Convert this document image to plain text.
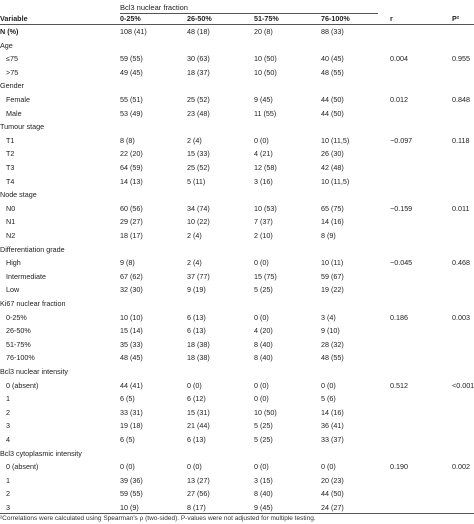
Bcl3 nuclear fraction
Variable	0-25%	26-50%	51-75%	76-100%	r	P²
N (%)	108 (41)	48 (18)	20 (8)	88 (33)
Age
≤75	59 (55)	30 (63)	10 (50)	40 (45)	0.004	0.955
>75	49 (45)	18 (37)	10 (50)	48 (55)
Gender
Female	55 (51)	25 (52)	9 (45)	44 (50)	0.012	0.848
Male	53 (49)	23 (48)	11 (55)	44 (50)
Tumour stage
T1	8 (8)	2 (4)	0 (0)	10 (11,5)	−0.097	0.118
T2	22 (20)	15 (33)	4 (21)	26 (30)
T3	64 (59)	25 (52)	12 (58)	42 (48)
T4	14 (13)	5 (11)	3 (16)	10 (11,5)
Node stage
N0	60 (56)	34 (74)	10 (53)	65 (75)	−0.159	0.011
N1	29 (27)	10 (22)	7 (37)	14 (16)
N2	18 (17)	2 (4)	2 (10)	8 (9)
Differentiation grade
High	9 (8)	2 (4)	0 (0)	10 (11)	−0.045	0.468
Intermediate	67 (62)	37 (77)	15 (75)	59 (67)
Low	32 (30)	9 (19)	5 (25)	19 (22)
Ki67 nuclear fraction
0-25%	10 (10)	6 (13)	0 (0)	3 (4)	0.186	0.003
26-50%	15 (14)	6 (13)	4 (20)	9 (10)
51-75%	35 (33)	18 (38)	8 (40)	28 (32)
76-100%	48 (45)	18 (38)	8 (40)	48 (55)
Bcl3 nuclear intensity
0 (absent)	44 (41)	0 (0)	0 (0)	0 (0)	0.512	<0.001
1	6 (5)	6 (12)	0 (0)	5 (6)
2	33 (31)	15 (31)	10 (50)	14 (16)
3	19 (18)	21 (44)	5 (25)	36 (41)
4	6 (5)	6 (13)	5 (25)	33 (37)
Bcl3 cytoplasmic intensity
0 (absent)	0 (0)	0 (0)	0 (0)	0 (0)	0.190	0.002
1	39 (36)	13 (27)	3 (15)	20 (23)
2	59 (55)	27 (56)	8 (40)	44 (50)
3	10 (9)	8 (17)	9 (45)	24 (27)
²Correlations were calculated using Spearman's ρ (two-sided). P-values were not adjusted for multiple testing.
